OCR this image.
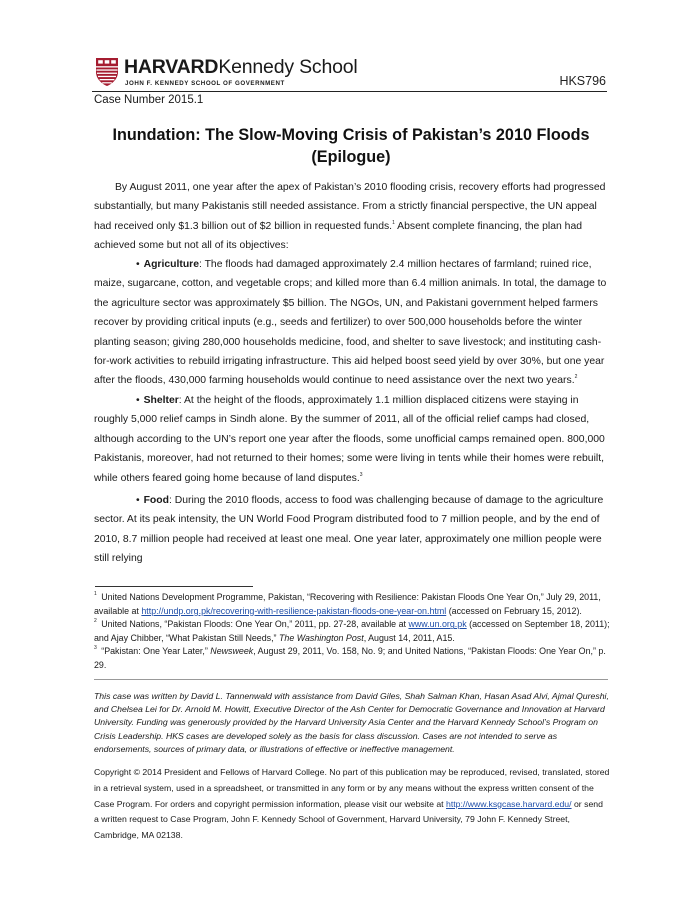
HARVARDKennedy School
JOHN F. KENNEDY SCHOOL OF GOVERNMENT	HKS796
Case Number 2015.1
Inundation: The Slow-Moving Crisis of Pakistan’s 2010 Floods
(Epilogue)

By August 2011, one year after the apex of Pakistan’s 2010 flooding crisis, recovery efforts had progressed substantially, but many Pakistanis still needed assistance. From a strictly financial perspective, the UN appeal had received only $1.3 billion out of $2 billion in requested funds.$^1$ Absent complete financing, the plan had achieved some but not all of its objectives:

• Agriculture: The floods had damaged approximately 2.4 million hectares of farmland; ruined rice, maize, sugarcane, cotton, and vegetable crops; and killed more than 6.4 million animals. In total, the damage to the agriculture sector was approximately $5 billion. The NGOs, UN, and Pakistani government helped farmers recover by providing critical inputs (e.g., seeds and fertilizer) to over 500,000 households before the winter planting season; giving 280,000 households medicine, food, and shelter to save livestock; and instituting cash-for-work activities to rebuild irrigating infrastructure. This aid helped boost seed yield by over 30%, but one year after the floods, 430,000 farming households would continue to need assistance over the next two years.$^2$

• Shelter: At the height of the floods, approximately 1.1 million displaced citizens were staying in roughly 5,000 relief camps in Sindh alone. By the summer of 2011, all of the official relief camps had closed, although according to the UN’s report one year after the floods, some unofficial camps remained open. 800,000 Pakistanis, moreover, had not returned to their homes; some were living in tents while their homes were rebuilt, while others feared going home because of land disputes.$^3$

• Food: During the 2010 floods, access to food was challenging because of damage to the agriculture sector. At its peak intensity, the UN World Food Program distributed food to 7 million people, and by the end of 2010, 8.7 million people had received at least one meal. One year later, approximately one million people were still relying

$^1$ United Nations Development Programme, Pakistan, “Recovering with Resilience: Pakistan Floods One Year On,” July 29, 2011, available at http://undp.org.pk/recovering-with-resilience-pakistan-floods-one-year-on.html (accessed on February 15, 2012).

$^2$ United Nations, “Pakistan Floods: One Year On,” 2011, pp. 27-28, available at www.un.org.pk (accessed on September 18, 2011); and Ajay Chibber, “What Pakistan Still Needs,” The Washington Post, August 14, 2011, A15.

$^3$ “Pakistan: One Year Later,” Newsweek, August 29, 2011, Vo. 158, No. 9; and United Nations, “Pakistan Floods: One Year On,” p. 29.

This case was written by David L. Tannenwald with assistance from David Giles, Shah Salman Khan, Hasan Asad Alvi, Ajmal Qureshi, and Chelsea Lei for Dr. Arnold M. Howitt, Executive Director of the Ash Center for Democratic Governance and Innovation at Harvard University. Funding was generously provided by the Harvard University Asia Center and the Harvard Kennedy School’s Program on Crisis Leadership. HKS cases are developed solely as the basis for class discussion. Cases are not intended to serve as endorsements, sources of primary data, or illustrations of effective or ineffective management.

Copyright © 2014 President and Fellows of Harvard College. No part of this publication may be reproduced, revised, translated, stored in a retrieval system, used in a spreadsheet, or transmitted in any form or by any means without the express written consent of the Case Program. For orders and copyright permission information, please visit our website at http://www.ksgcase.harvard.edu/ or send a written request to Case Program, John F. Kennedy School of Government, Harvard University, 79 John F. Kennedy Street, Cambridge, MA 02138.
